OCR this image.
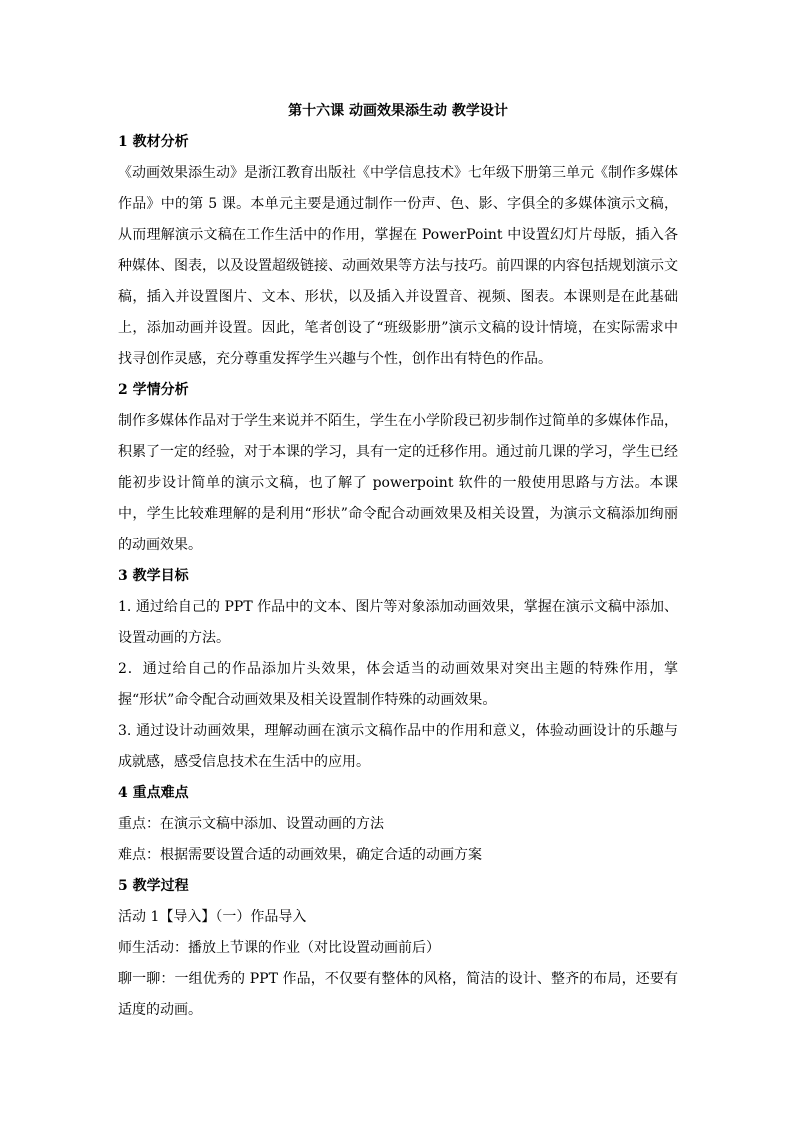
第十六课 动画效果添生动 教学设计

1 教材分析

《动画效果添生动》是浙江教育出版社《中学信息技术》七年级下册第三单元《制作多媒体作品》中的第 5 课。本单元主要是通过制作一份声、色、影、字俱全的多媒体演示文稿，从而理解演示文稿在工作生活中的作用，掌握在 PowerPoint 中设置幻灯片母版，插入各种媒体、图表，以及设置超级链接、动画效果等方法与技巧。前四课的内容包括规划演示文稿，插入并设置图片、文本、形状，以及插入并设置音、视频、图表。本课则是在此基础上，添加动画并设置。因此，笔者创设了“班级影册”演示文稿的设计情境，在实际需求中找寻创作灵感，充分尊重发挥学生兴趣与个性，创作出有特色的作品。

2 学情分析

制作多媒体作品对于学生来说并不陌生，学生在小学阶段已初步制作过简单的多媒体作品，积累了一定的经验，对于本课的学习，具有一定的迁移作用。通过前几课的学习，学生已经能初步设计简单的演示文稿，也了解了 powerpoint 软件的一般使用思路与方法。本课中，学生比较难理解的是利用“形状”命令配合动画效果及相关设置，为演示文稿添加绚丽的动画效果。

3 教学目标

1. 通过给自己的 PPT 作品中的文本、图片等对象添加动画效果，掌握在演示文稿中添加、设置动画的方法。

2．通过给自己的作品添加片头效果，体会适当的动画效果对突出主题的特殊作用，掌握“形状”命令配合动画效果及相关设置制作特殊的动画效果。

3. 通过设计动画效果，理解动画在演示文稿作品中的作用和意义，体验动画设计的乐趣与成就感，感受信息技术在生活中的应用。

4 重点难点

重点：在演示文稿中添加、设置动画的方法

难点：根据需要设置合适的动画效果，确定合适的动画方案

5 教学过程

活动 1【导入】（一）作品导入

师生活动：播放上节课的作业（对比设置动画前后）

聊一聊：一组优秀的 PPT 作品，不仅要有整体的风格，简洁的设计、整齐的布局，还要有适度的动画。
